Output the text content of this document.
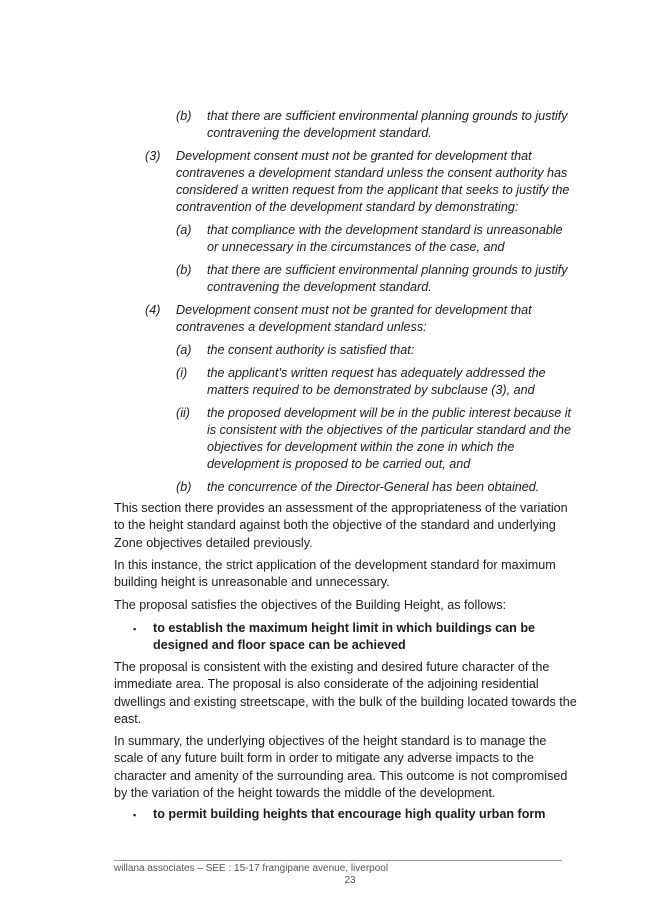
(b) that there are sufficient environmental planning grounds to justify
contravening the development standard.
(3) Development consent must not be granted for development that
contravenes a development standard unless the consent authority has
considered a written request from the applicant that seeks to justify the
contravention of the development standard by demonstrating:
(a) that compliance with the development standard is unreasonable
or unnecessary in the circumstances of the case, and
(b) that there are sufficient environmental planning grounds to justify
contravening the development standard.
(4) Development consent must not be granted for development that
contravenes a development standard unless:
(a) the consent authority is satisfied that:
(i) the applicant’s written request has adequately addressed the
matters required to be demonstrated by subclause (3), and
(ii) the proposed development will be in the public interest because it
is consistent with the objectives of the particular standard and the
objectives for development within the zone in which the
development is proposed to be carried out, and
(b) the concurrence of the Director-General has been obtained.
This section there provides an assessment of the appropriateness of the variation
to the height standard against both the objective of the standard and underlying
Zone objectives detailed previously.
In this instance, the strict application of the development standard for maximum
building height is unreasonable and unnecessary.
The proposal satisfies the objectives of the Building Height, as follows:
▪ to establish the maximum height limit in which buildings can be
designed and floor space can be achieved
The proposal is consistent with the existing and desired future character of the
immediate area. The proposal is also considerate of the adjoining residential
dwellings and existing streetscape, with the bulk of the building located towards the
east.
In summary, the underlying objectives of the height standard is to manage the
scale of any future built form in order to mitigate any adverse impacts to the
character and amenity of the surrounding area. This outcome is not compromised
by the variation of the height towards the middle of the development.
▪ to permit building heights that encourage high quality urban form
willana associates – SEE : 15-17 frangipane avenue, liverpool
23
